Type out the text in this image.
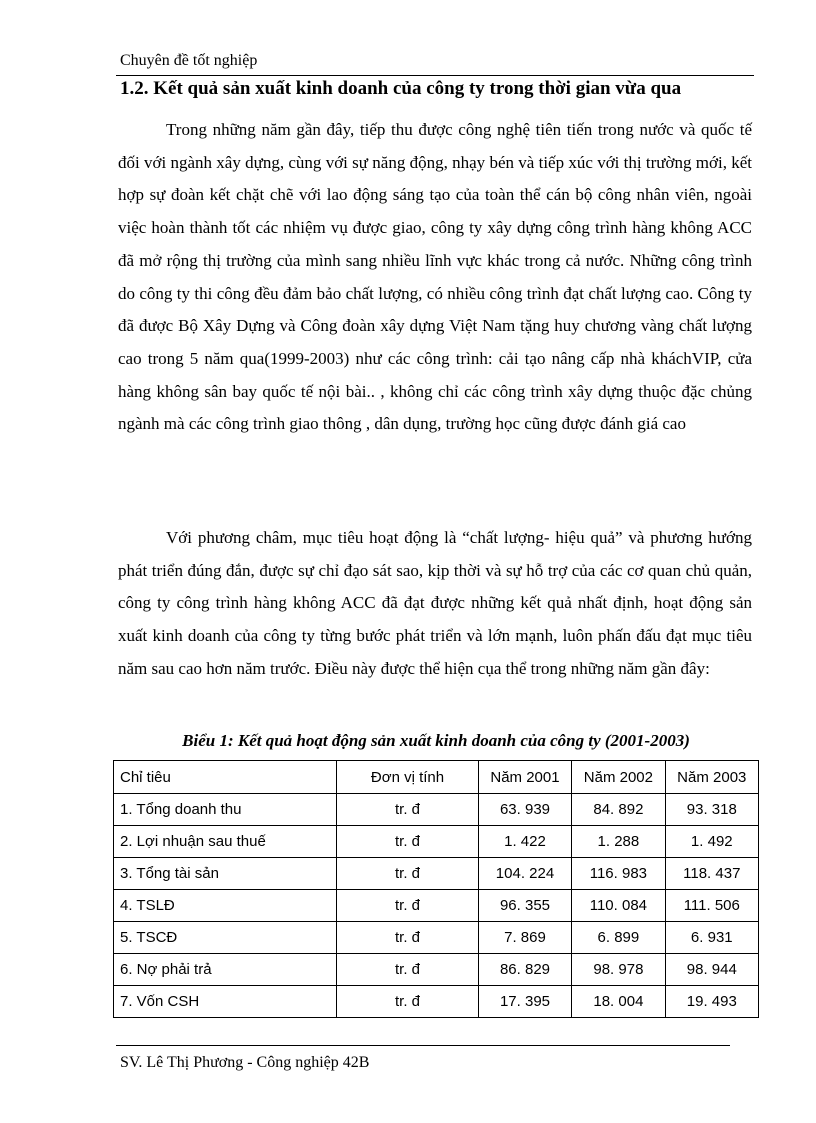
Chuyên đề tốt nghiệp
1.2. Kết quả sản xuất kinh doanh của công ty trong thời gian vừa qua

Trong những năm gần đây, tiếp thu được công nghệ tiên tiến trong nước và quốc tế đối với ngành xây dựng, cùng với sự năng động, nhạy bén và tiếp xúc với thị trường mới, kết hợp sự đoàn kết chặt chẽ với lao động sáng tạo của toàn thể cán bộ công nhân viên, ngoài việc hoàn thành tốt các nhiệm vụ được giao, công ty xây dựng công trình hàng không ACC đã mở rộng thị trường của mình sang nhiều lĩnh vực khác trong cả nước. Những công trình do công ty thi công đều đảm bảo chất lượng, có nhiều công trình đạt chất lượng cao. Công ty đã được Bộ Xây Dựng và Công đoàn xây dựng Việt Nam tặng huy chương vàng chất lượng cao trong 5 năm qua(1999-2003) như các công trình: cải tạo nâng cấp nhà kháchVIP, cửa hàng không sân bay quốc tế nội bài.. , không chỉ các công trình xây dựng thuộc đặc chủng ngành mà các công trình giao thông , dân dụng, trường học cũng được đánh giá cao

Với phương châm, mục tiêu hoạt động là “chất lượng- hiệu quả” và phương hướng phát triển đúng đắn, được sự chỉ đạo sát sao, kịp thời và sự hỗ trợ của các cơ quan chủ quản, công ty công trình hàng không ACC đã đạt được những kết quả nhất định, hoạt động sản xuất kinh doanh của công ty từng bước phát triển và lớn mạnh, luôn phấn đấu đạt mục tiêu năm sau cao hơn năm trước. Điều này được thể hiện cụa thể trong những năm gần đây:

Biểu 1: Kết quả hoạt động sản xuất kinh doanh của công ty (2001-2003)
Chỉ tiêu	Đơn vị tính	Năm 2001	Năm 2002	Năm 2003
1. Tổng doanh thu	tr. đ	63. 939	84. 892	93. 318
2. Lợi nhuận sau thuế	tr. đ	1. 422	1. 288	1. 492
3. Tổng tài sản	tr. đ	104. 224	116. 983	118. 437
4. TSLĐ	tr. đ	96. 355	110. 084	111. 506
5. TSCĐ	tr. đ	7. 869	6. 899	6. 931
6. Nợ phải trả	tr. đ	86. 829	98. 978	98. 944
7. Vốn CSH	tr. đ	17. 395	18. 004	19. 493
SV. Lê Thị Phương - Công nghiệp 42B
